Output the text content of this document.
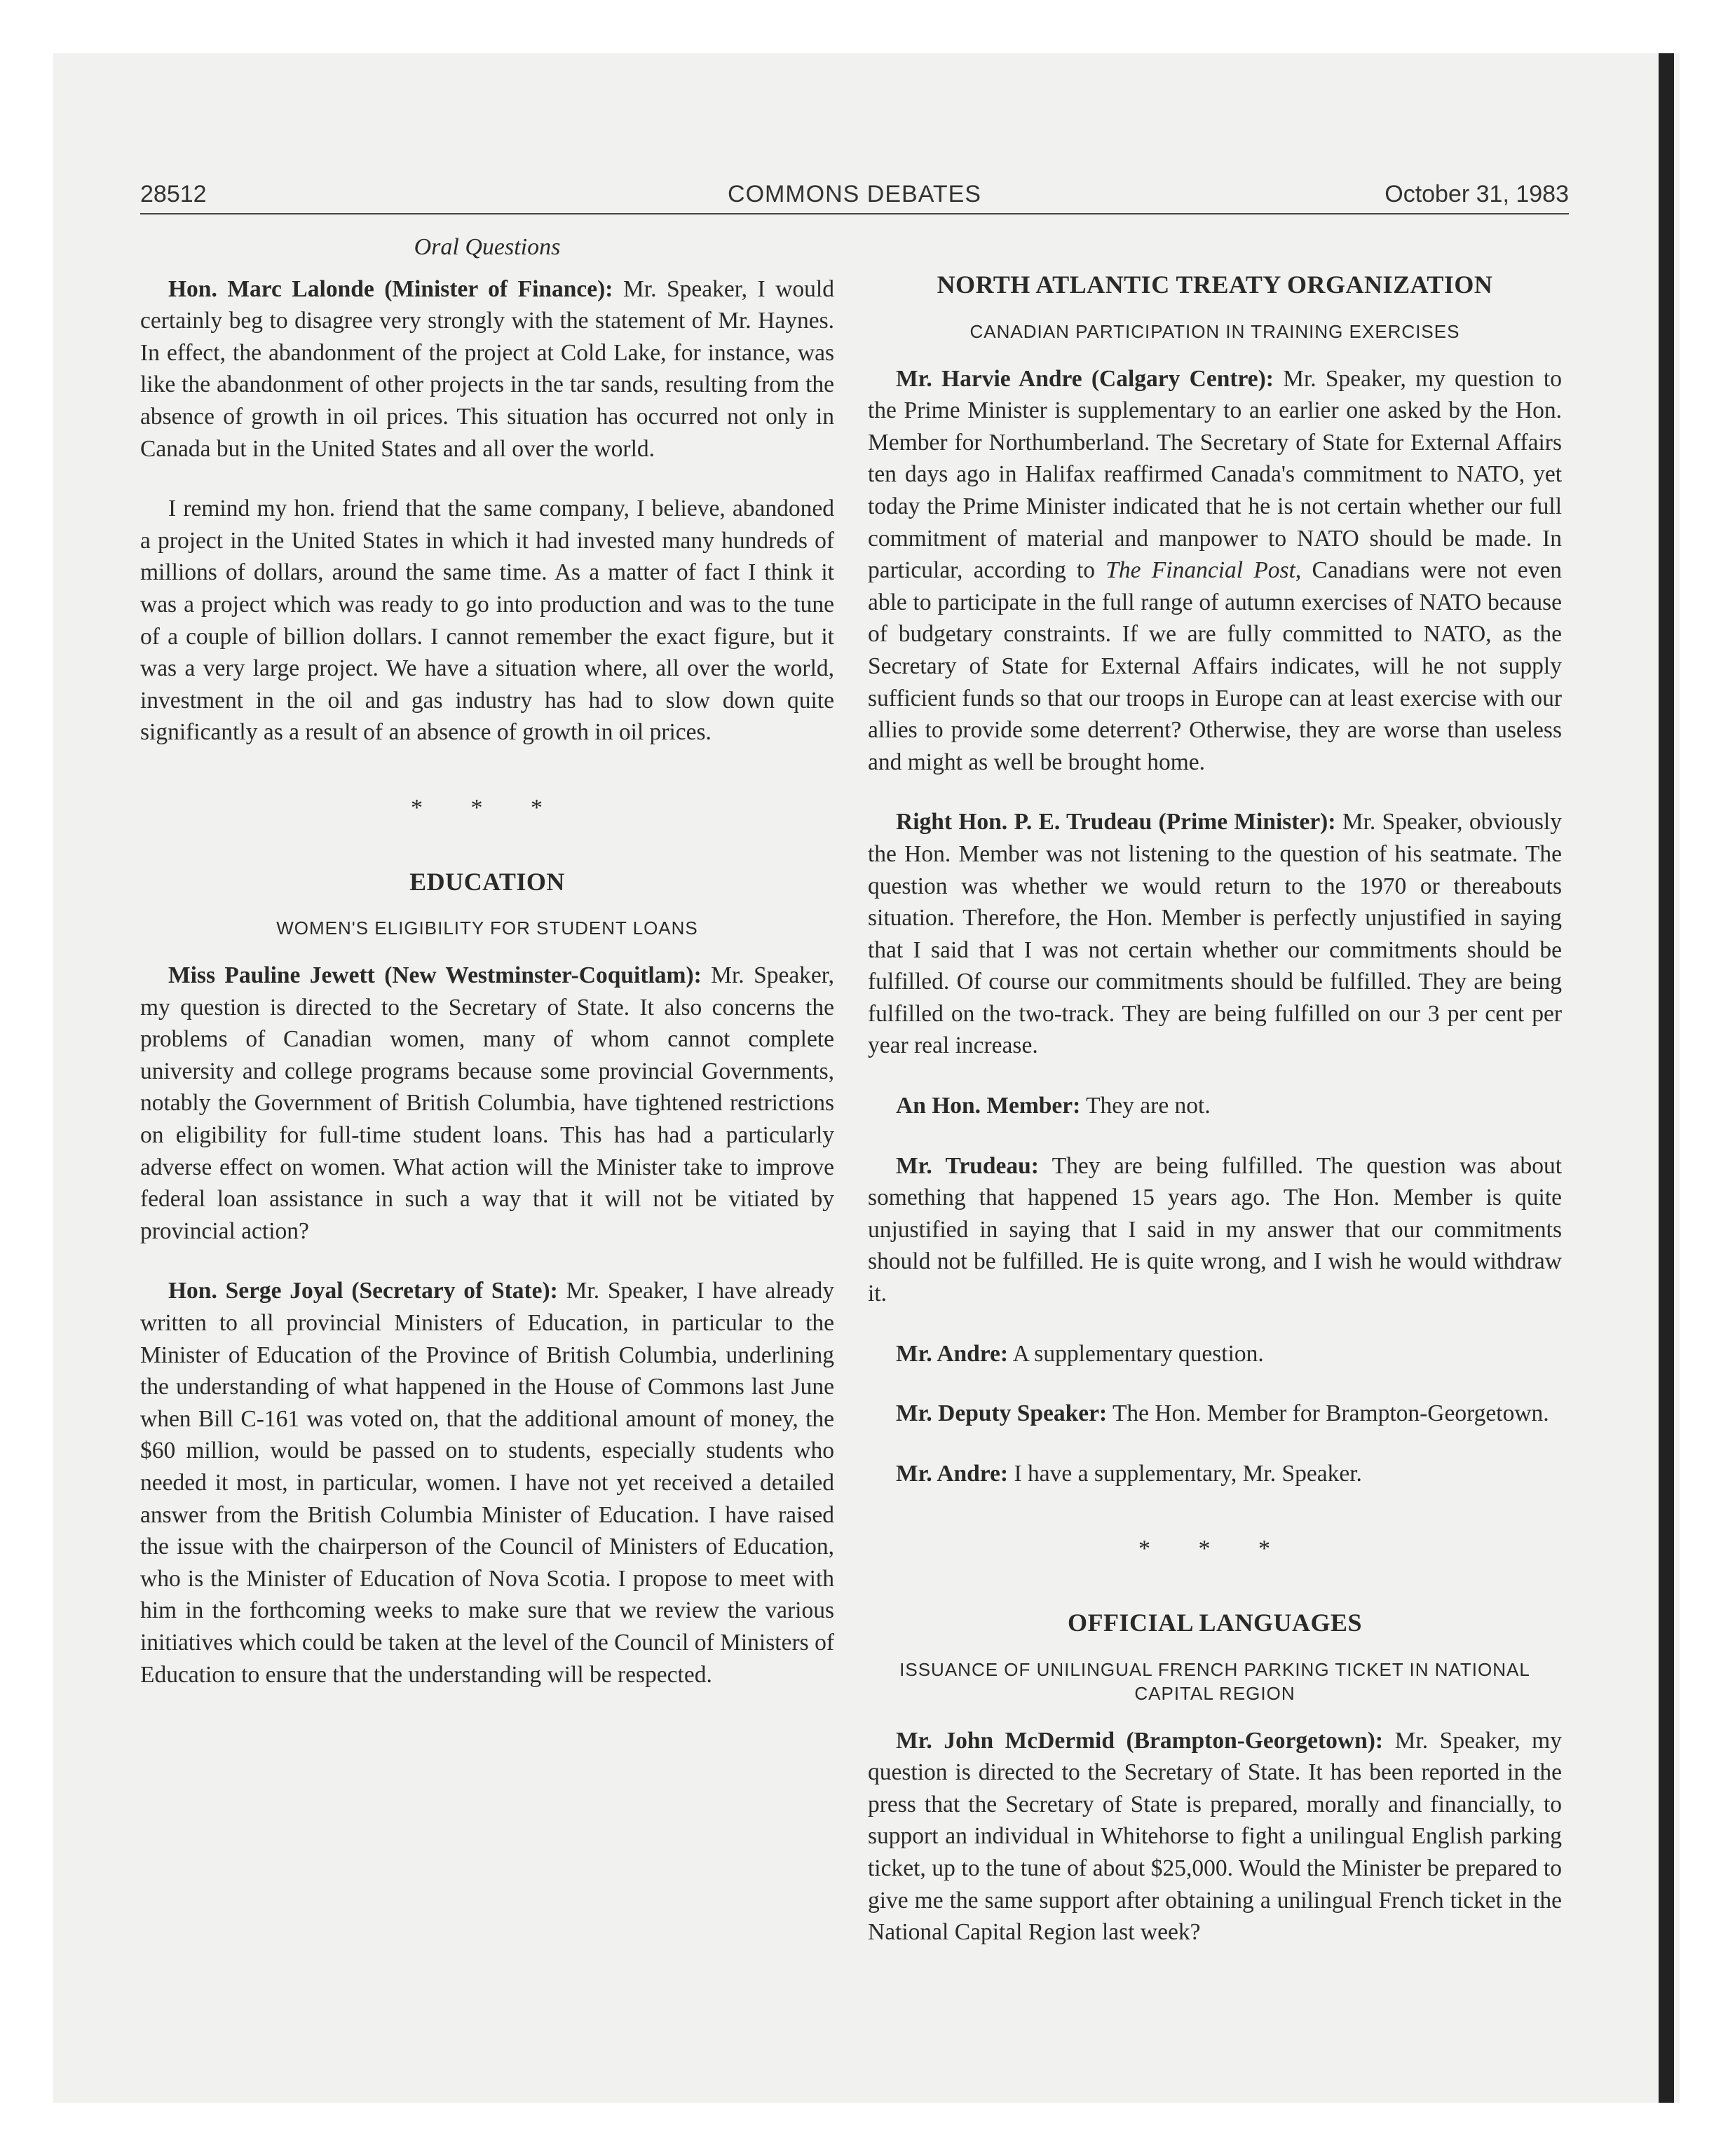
28512	COMMONS DEBATES	October 31, 1983
Oral Questions

Hon. Marc Lalonde (Minister of Finance): Mr. Speaker, I would certainly beg to disagree very strongly with the statement of Mr. Haynes. In effect, the abandonment of the project at Cold Lake, for instance, was like the abandonment of other projects in the tar sands, resulting from the absence of growth in oil prices. This situation has occurred not only in Canada but in the United States and all over the world.

I remind my hon. friend that the same company, I believe, abandoned a project in the United States in which it had invested many hundreds of millions of dollars, around the same time. As a matter of fact I think it was a project which was ready to go into production and was to the tune of a couple of billion dollars. I cannot remember the exact figure, but it was a very large project. We have a situation where, all over the world, investment in the oil and gas industry has had to slow down quite significantly as a result of an absence of growth in oil prices.

* * *
EDUCATION
WOMEN'S ELIGIBILITY FOR STUDENT LOANS

Miss Pauline Jewett (New Westminster-Coquitlam): Mr. Speaker, my question is directed to the Secretary of State. It also concerns the problems of Canadian women, many of whom cannot complete university and college programs because some provincial Governments, notably the Government of British Columbia, have tightened restrictions on eligibility for full-time student loans. This has had a particularly adverse effect on women. What action will the Minister take to improve federal loan assistance in such a way that it will not be vitiated by provincial action?

Hon. Serge Joyal (Secretary of State): Mr. Speaker, I have already written to all provincial Ministers of Education, in particular to the Minister of Education of the Province of British Columbia, underlining the understanding of what happened in the House of Commons last June when Bill C-161 was voted on, that the additional amount of money, the $60 million, would be passed on to students, especially students who needed it most, in particular, women. I have not yet received a detailed answer from the British Columbia Minister of Education. I have raised the issue with the chairperson of the Council of Ministers of Education, who is the Minister of Education of Nova Scotia. I propose to meet with him in the forthcoming weeks to make sure that we review the various initiatives which could be taken at the level of the Council of Ministers of Education to ensure that the understanding will be respected.

NORTH ATLANTIC TREATY ORGANIZATION
CANADIAN PARTICIPATION IN TRAINING EXERCISES

Mr. Harvie Andre (Calgary Centre): Mr. Speaker, my question to the Prime Minister is supplementary to an earlier one asked by the Hon. Member for Northumberland. The Secretary of State for External Affairs ten days ago in Halifax reaffirmed Canada's commitment to NATO, yet today the Prime Minister indicated that he is not certain whether our full commitment of material and manpower to NATO should be made. In particular, according to The Financial Post, Canadians were not even able to participate in the full range of autumn exercises of NATO because of budgetary constraints. If we are fully committed to NATO, as the Secretary of State for External Affairs indicates, will he not supply sufficient funds so that our troops in Europe can at least exercise with our allies to provide some deterrent? Otherwise, they are worse than useless and might as well be brought home.

Right Hon. P. E. Trudeau (Prime Minister): Mr. Speaker, obviously the Hon. Member was not listening to the question of his seatmate. The question was whether we would return to the 1970 or thereabouts situation. Therefore, the Hon. Member is perfectly unjustified in saying that I said that I was not certain whether our commitments should be fulfilled. Of course our commitments should be fulfilled. They are being fulfilled on the two-track. They are being fulfilled on our 3 per cent per year real increase.

An Hon. Member: They are not.

Mr. Trudeau: They are being fulfilled. The question was about something that happened 15 years ago. The Hon. Member is quite unjustified in saying that I said in my answer that our commitments should not be fulfilled. He is quite wrong, and I wish he would withdraw it.

Mr. Andre: A supplementary question.

Mr. Deputy Speaker: The Hon. Member for Brampton-Georgetown.

Mr. Andre: I have a supplementary, Mr. Speaker.

* * *
OFFICIAL LANGUAGES
ISSUANCE OF UNILINGUAL FRENCH PARKING TICKET IN NATIONAL CAPITAL REGION

Mr. John McDermid (Brampton-Georgetown): Mr. Speaker, my question is directed to the Secretary of State. It has been reported in the press that the Secretary of State is prepared, morally and financially, to support an individual in Whitehorse to fight a unilingual English parking ticket, up to the tune of about $25,000. Would the Minister be prepared to give me the same support after obtaining a unilingual French ticket in the National Capital Region last week?
